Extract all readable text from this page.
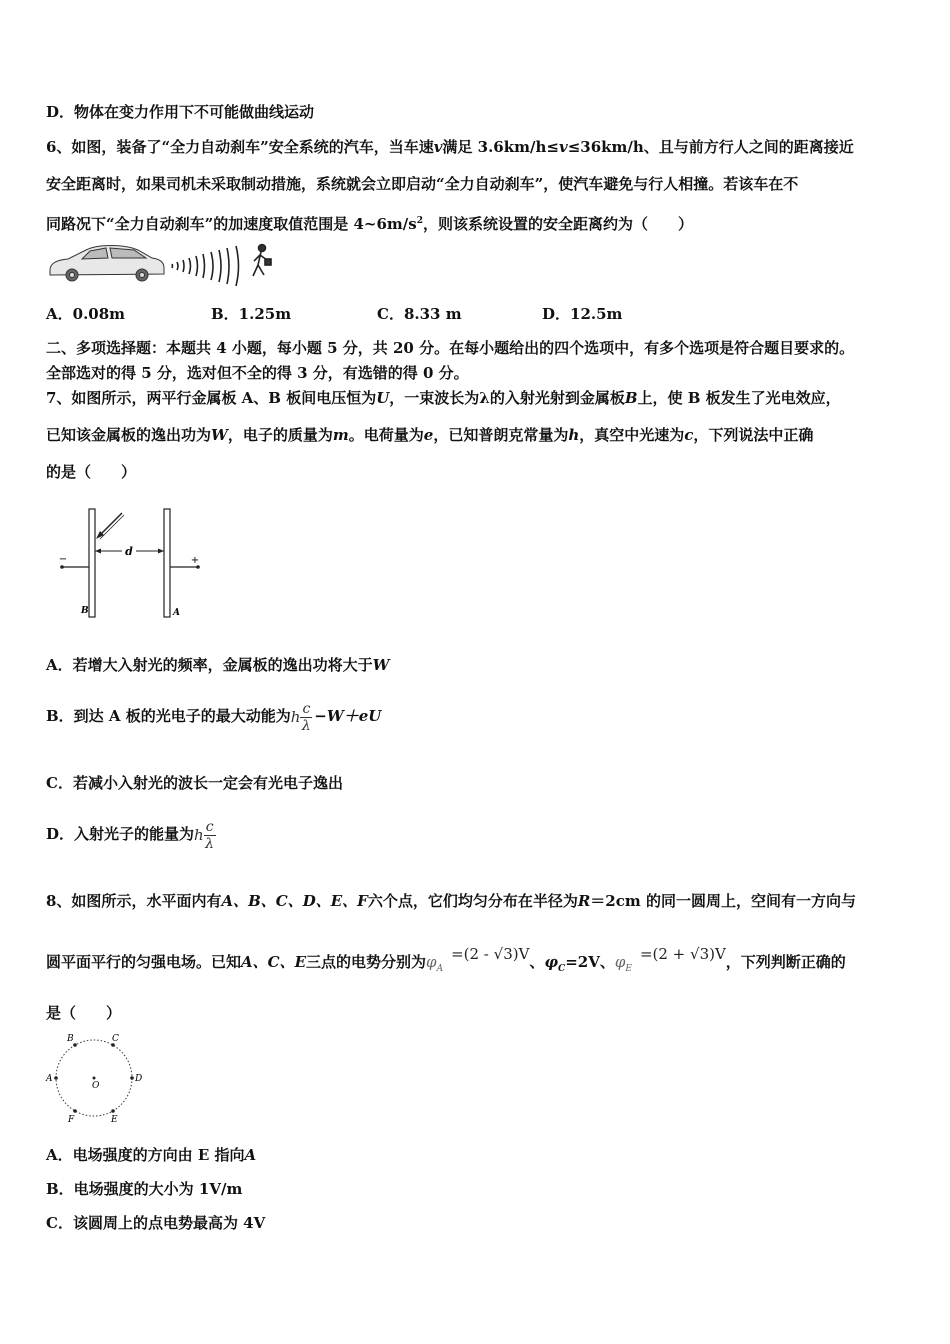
D．物体在变力作用下不可能做曲线运动
6、如图，装备了“全力自动刹车”安全系统的汽车，当车速v满足 3.6km/h≤v≤36km/h、且与前方行人之间的距离接近
安全距离时，如果司机未采取制动措施，系统就会立即启动“全力自动刹车”，使汽车避免与行人相撞。若该车在不
同路况下“全力自动刹车”的加速度取值范围是 $4\sim 6m/s^2$，则该系统设置的安全距离约为（　　）
A．0.08m	B．1.25m	C．8.33 m	D．12.5m
二、多项选择题：本题共 4 小题，每小题 5 分，共 20 分。在每小题给出的四个选项中，有多个选项是符合题目要求的。
全部选对的得 5 分，选对但不全的得 3 分，有选错的得 0 分。
7、如图所示，两平行金属板 A、B 板间电压恒为U，一束波长为λ的入射光射到金属板B上，使 B 板发生了光电效应，
已知该金属板的逸出功为W，电子的质量为m。电荷量为e，已知普朗克常量为h，真空中光速为c，下列说法中正确
的是（　　）
d
−	+
B	A
A．若增大入射光的频率，金属板的逸出功将大于W
B．到达 A 板的光电子的最大动能为h $\frac{c}{\lambda} -W+eU$
C．若减小入射光的波长一定会有光电子逸出
D．入射光子的能量为h $\frac{c}{\lambda}$
8、如图所示，水平面内有A、B、C、D、E、F六个点，它们均匀分布在半径为R＝2cm 的同一圆周上，空间有一方向与
圆平面平行的匀强电场。已知A、C、E三点的电势分别为$\varphi_A=(2 - √3)V$、$\varphi_C=2V$、$\varphi_E=(2 + √3)V$，下列判断正确的
是（　　）
A
B	C
D
E
F
O
A．电场强度的方向由 E 指向A
B．电场强度的大小为 1V/m
C．该圆周上的点电势最高为 4V
